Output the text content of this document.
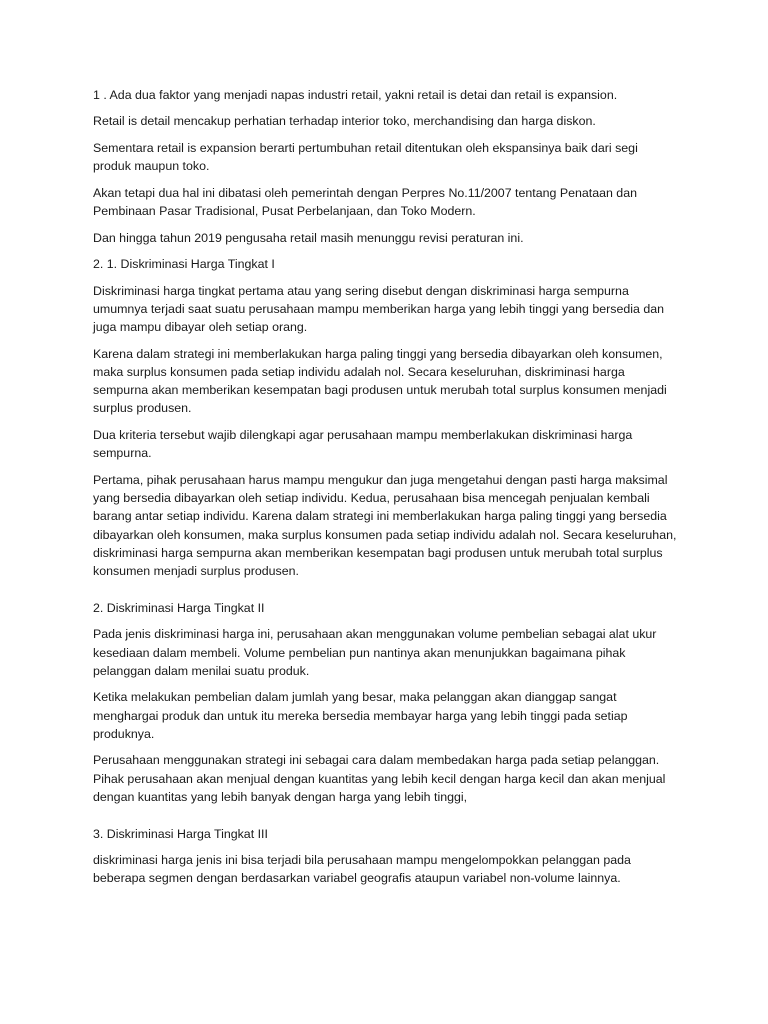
1 . Ada dua faktor yang menjadi napas industri retail, yakni retail is detai dan retail is expansion.

Retail is detail mencakup perhatian terhadap interior toko, merchandising dan harga diskon.

Sementara retail is expansion berarti pertumbuhan retail ditentukan oleh ekspansinya baik dari segi produk maupun toko.

Akan tetapi dua hal ini dibatasi oleh pemerintah dengan Perpres No.11/2007 tentang Penataan dan Pembinaan Pasar Tradisional, Pusat Perbelanjaan, dan Toko Modern.

Dan hingga tahun 2019 pengusaha retail masih menunggu revisi peraturan ini.

2. 1. Diskriminasi Harga Tingkat I

Diskriminasi harga tingkat pertama atau yang sering disebut dengan diskriminasi harga sempurna umumnya terjadi saat suatu perusahaan mampu memberikan harga yang lebih tinggi yang bersedia dan juga mampu dibayar oleh setiap orang.

Karena dalam strategi ini memberlakukan harga paling tinggi yang bersedia dibayarkan oleh konsumen, maka surplus konsumen pada setiap individu adalah nol. Secara keseluruhan, diskriminasi harga sempurna akan memberikan kesempatan bagi produsen untuk merubah total surplus konsumen menjadi surplus produsen.

Dua kriteria tersebut wajib dilengkapi agar perusahaan mampu memberlakukan diskriminasi harga sempurna.

Pertama, pihak perusahaan harus mampu mengukur dan juga mengetahui dengan pasti harga maksimal yang bersedia dibayarkan oleh setiap individu. Kedua, perusahaan bisa mencegah penjualan kembali barang antar setiap individu. Karena dalam strategi ini memberlakukan harga paling tinggi yang bersedia dibayarkan oleh konsumen, maka surplus konsumen pada setiap individu adalah nol. Secara keseluruhan, diskriminasi harga sempurna akan memberikan kesempatan bagi produsen untuk merubah total surplus konsumen menjadi surplus produsen.

2. Diskriminasi Harga Tingkat II

Pada jenis diskriminasi harga ini, perusahaan akan menggunakan volume pembelian sebagai alat ukur kesediaan dalam membeli. Volume pembelian pun nantinya akan menunjukkan bagaimana pihak pelanggan dalam menilai suatu produk.

Ketika melakukan pembelian dalam jumlah yang besar, maka pelanggan akan dianggap sangat menghargai produk dan untuk itu mereka bersedia membayar harga yang lebih tinggi pada setiap produknya.

Perusahaan menggunakan strategi ini sebagai cara dalam membedakan harga pada setiap pelanggan. Pihak perusahaan akan menjual dengan kuantitas yang lebih kecil dengan harga kecil dan akan menjual dengan kuantitas yang lebih banyak dengan harga yang lebih tinggi,

3. Diskriminasi Harga Tingkat III

diskriminasi harga jenis ini bisa terjadi bila perusahaan mampu mengelompokkan pelanggan pada beberapa segmen dengan berdasarkan variabel geografis ataupun variabel non-volume lainnya.
